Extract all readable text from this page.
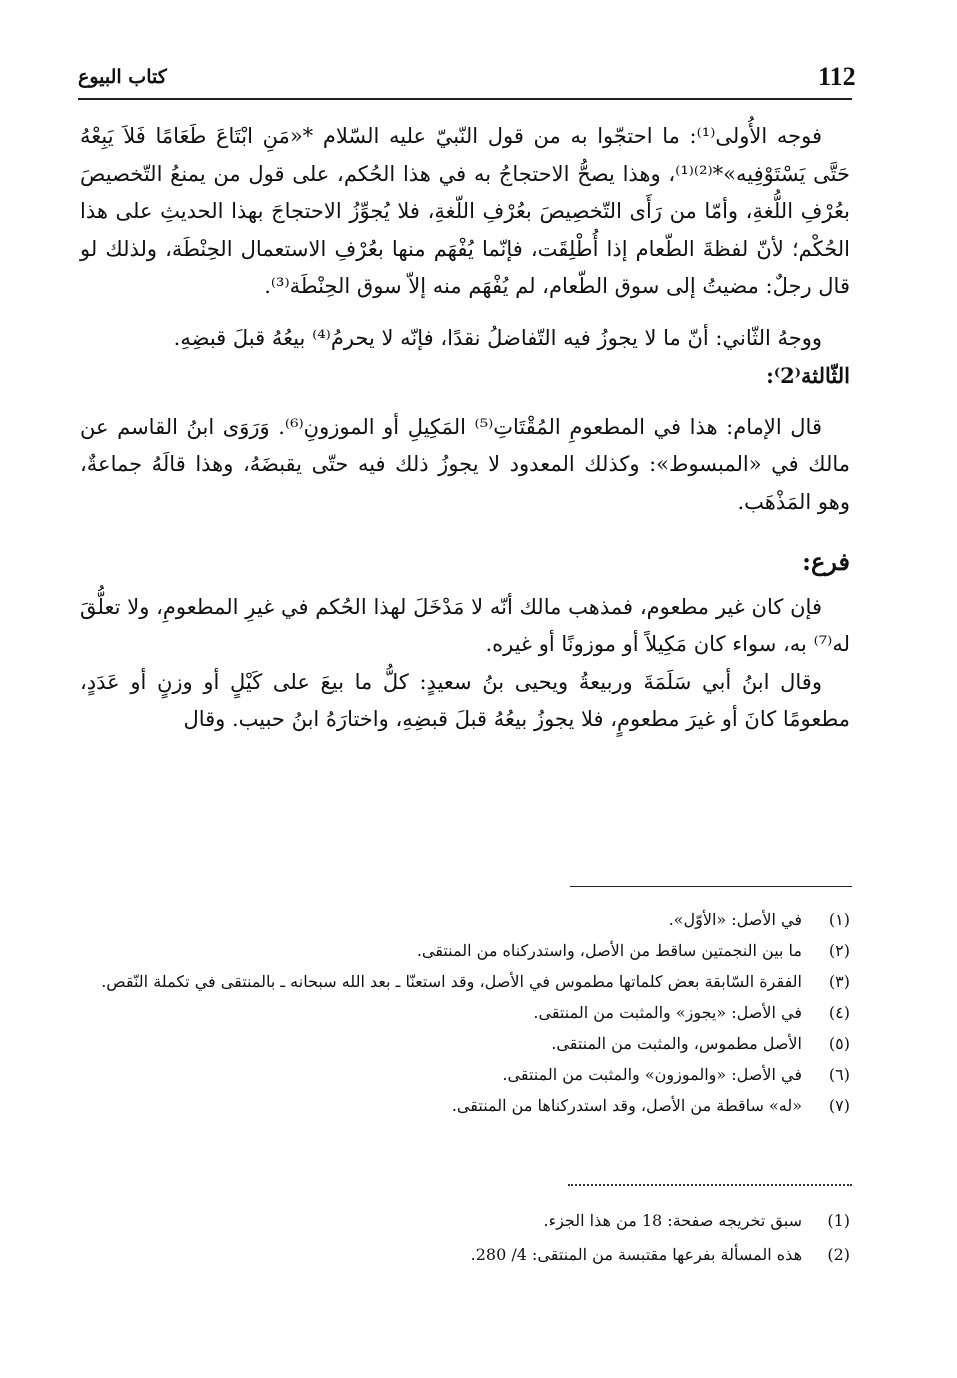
112
كتاب البيوع

فوجه الأُولى⁽¹⁾: ما احتجّوا به من قول النّبيّ عليه السّلام *«مَنِ ابْتَاعَ طَعَامًا فَلاَ يَبِعْهُ حَتَّى يَسْتَوْفِيه»*⁽²⁾⁽¹⁾، وهذا يصحُّ الاحتجاجُ به في هذا الحُكم، على قول من يمنعُ التّخصيصَ بعُرْفِ اللُّغةِ، وأمّا من رَأَى التّخصِيصَ بعُرْفِ اللّغةِ، فلا يُجوِّزُ الاحتجاجَ بهذا الحديثِ على هذا الحُكْم؛ لأنّ لفظةَ الطّعام إذا أُطْلِقَت، فإنّما يُفْهَم منها بعُرْفِ الاستعمال الحِنْطَة، ولذلك لو قال رجلٌ: مضيتُ إلى سوق الطّعام، لم يُفْهَم منه إلاّ سوق الحِنْطَة⁽³⁾.

ووجهُ الثّاني: أنّ ما لا يجوزُ فيه التّفاضلُ نقدًا، فإنّه لا يحرمُ⁽⁴⁾ بيعُهُ قبلَ قبضِهِ.

الثّالثة⁽2⁾:

قال الإمام: هذا في المطعومِ المُقْتَاتِ⁽⁵⁾ المَكِيلِ أو الموزونِ⁽⁶⁾. وَرَوَى ابنُ القاسم عن مالك في «المبسوط»: وكذلك المعدود لا يجوزُ ذلك فيه حتّى يقبضَهُ، وهذا قالَهُ جماعةٌ، وهو المَذْهَب.

فرع:

فإن كان غير مطعوم، فمذهب مالك أنّه لا مَدْخَلَ لهذا الحُكم في غيرِ المطعومِ، ولا تعلُّقَ له⁽⁷⁾ به، سواء كان مَكِيلاً أو موزونًا أو غيره.

وقال ابنُ أبي سَلَمَةَ وربيعةُ ويحيى بنُ سعيدٍ: كلُّ ما بيعَ على كَيْلٍ أو وزنٍ أو عَدَدٍ، مطعومًا كانَ أو غيرَ مطعومٍ، فلا يجوزُ بيعُهُ قبلَ قبضِهِ، واختارَهُ ابنُ حبيب. وقال

(١)
في الأصل: «الأوّل».
(٢)
ما بين النجمتين ساقط من الأصل، واستدركناه من المنتقى.
(٣)
الفقرة السّابقة بعض كلماتها مطموس في الأصل، وقد استعنّا ـ بعد الله سبحانه ـ بالمنتقى في تكملة النّقص.
(٤)
في الأصل: «يجوز» والمثبت من المنتقى.
(٥)
الأصل مطموس، والمثبت من المنتقى.
(٦)
في الأصل: «والموزون» والمثبت من المنتقى.
(٧)
«له» ساقطة من الأصل، وقد استدركناها من المنتقى.
(1)
سبق تخريجه صفحة: 18 من هذا الجزء.
(2)
هذه المسألة بفرعها مقتبسة من المنتقى: 4/ 280.
